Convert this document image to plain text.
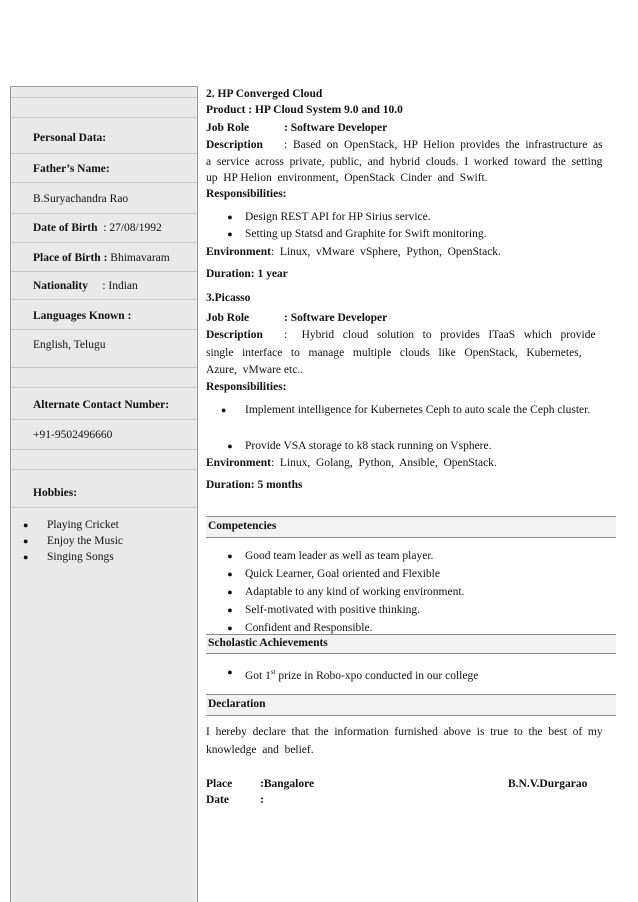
Personal Data:
Father’s Name:
B.Suryachandra Rao
Date of Birth : 27/08/1992
Place of Birth : Bhimavaram
Nationality : Indian
Languages Known :
English, Telugu
Alternate Contact Number:
+91-9502496660
Hobbies:
● Playing Cricket
● Enjoy the Music
● Singing Songs
2. HP Converged Cloud
Product : HP Cloud System 9.0 and 10.0
Job Role	: Software Developer
Description :  Based  on  OpenStack,  HP  Helion  provides  the  infrastructure  as
a  service  across  private,  public,  and  hybrid  clouds.  I  worked  toward  the  setting
up  HP Helion  environment,  OpenStack  Cinder  and  Swift.
Responsibilities:
●	Design REST API for HP Sirius service.
●	Setting up Statsd and Graphite for Swift monitoring.
Environment:  Linux,  vMware  vSphere,  Python,  OpenStack.
Duration: 1 year
3.Picasso
Job Role	: Software Developer
Description :     Hybrid   cloud   solution   to   provides   ITaaS   which   provide
single   interface   to   manage   multiple   clouds   like   OpenStack,   Kubernetes,
Azure,  vMware etc..
Responsibilities:
●	Implement intelligence for Kubernetes Ceph to auto scale the Ceph cluster.
●	Provide VSA storage to k8 stack running on Vsphere.
Environment:  Linux,  Golang,  Python,  Ansible,  OpenStack.
Duration: 5 months
Competencies
●	Good team leader as well as team player.
●	Quick Learner, Goal oriented and Flexible
●	Adaptable to any kind of working environment.
●	Self-motivated with positive thinking.
●	Confident and Responsible.
Scholastic Achievements
●	Got 1st prize in Robo-xpo conducted in our college
Declaration
I  hereby  declare  that  the  information  furnished  above  is  true  to  the  best  of  my
knowledge  and  belief.
Place :Bangalore	B.N.V.Durgarao
Date	:
